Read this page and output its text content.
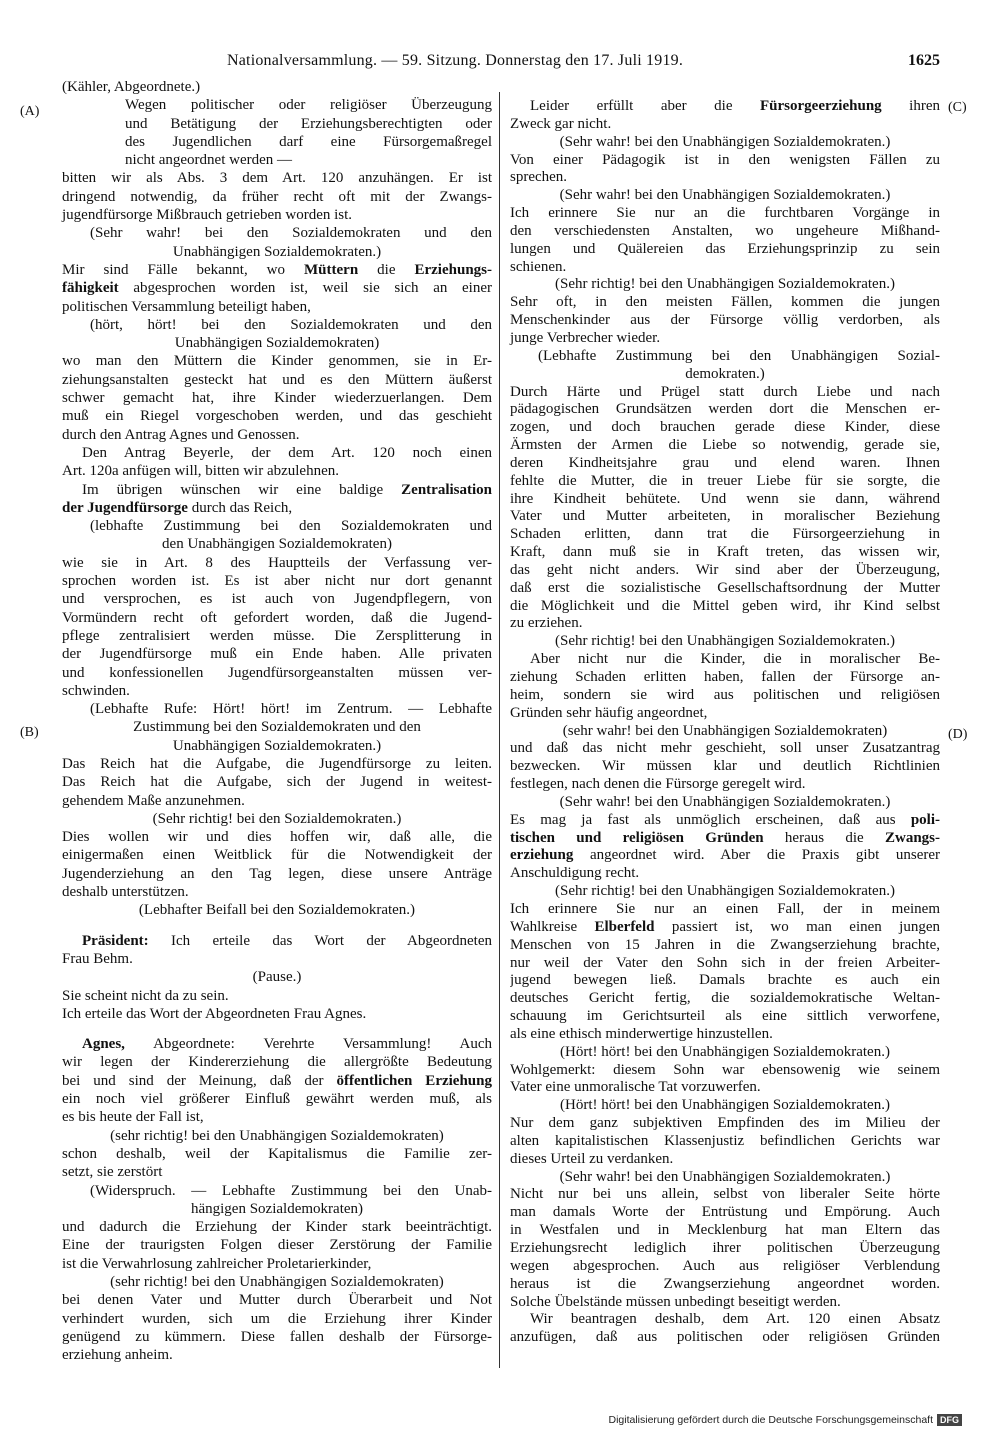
Nationalversammlung. — 59. Sitzung. Donnerstag den 17. Juli 1919.	1625
(A)
(B)
(C)
(D)
(Kähler, Abgeordnete.)
Wegen politischer oder religiöser Überzeugung
und Betätigung der Erziehungsberechtigten oder
des Jugendlichen darf eine Fürsorgemaßregel
nicht angeordnet werden —
bitten wir als Abs. 3 dem Art. 120 anzuhängen. Er ist
dringend notwendig, da früher recht oft mit der Zwangs-
jugendfürsorge Mißbrauch getrieben worden ist.
(Sehr wahr! bei den Sozialdemokraten und den
Unabhängigen Sozialdemokraten.)
Mir sind Fälle bekannt, wo Müttern die Erziehungs-
fähigkeit abgesprochen worden ist, weil sie sich an einer
politischen Versammlung beteiligt haben,
(hört, hört! bei den Sozialdemokraten und den
Unabhängigen Sozialdemokraten)
wo man den Müttern die Kinder genommen, sie in Er-
ziehungsanstalten gesteckt hat und es den Müttern äußerst
schwer gemacht hat, ihre Kinder wiederzuerlangen. Dem
muß ein Riegel vorgeschoben werden, und das geschieht
durch den Antrag Agnes und Genossen.
Den Antrag Beyerle, der dem Art. 120 noch einen
Art. 120a anfügen will, bitten wir abzulehnen.
Im übrigen wünschen wir eine baldige Zentralisation
der Jugendfürsorge durch das Reich,
(lebhafte Zustimmung bei den Sozialdemokraten und
den Unabhängigen Sozialdemokraten)
wie sie in Art. 8 des Hauptteils der Verfassung ver-
sprochen worden ist. Es ist aber nicht nur dort genannt
und versprochen, es ist auch von Jugendpflegern, von
Vormündern recht oft gefordert worden, daß die Jugend-
pflege zentralisiert werden müsse. Die Zersplitterung in
der Jugendfürsorge muß ein Ende haben. Alle privaten
und konfessionellen Jugendfürsorgeanstalten müssen ver-
schwinden.
(Lebhafte Rufe: Hört! hört! im Zentrum. — Lebhafte
Zustimmung bei den Sozialdemokraten und den
Unabhängigen Sozialdemokraten.)
Das Reich hat die Aufgabe, die Jugendfürsorge zu leiten.
Das Reich hat die Aufgabe, sich der Jugend in weitest-
gehendem Maße anzunehmen.
(Sehr richtig! bei den Sozialdemokraten.)
Dies wollen wir und dies hoffen wir, daß alle, die
einigermaßen einen Weitblick für die Notwendigkeit der
Jugenderziehung an den Tag legen, diese unsere Anträge
deshalb unterstützen.
(Lebhafter Beifall bei den Sozialdemokraten.)
Präsident: Ich erteile das Wort der Abgeordneten
Frau Behm.
(Pause.)
Sie scheint nicht da zu sein.
Ich erteile das Wort der Abgeordneten Frau Agnes.
Agnes, Abgeordnete: Verehrte Versammlung! Auch
wir legen der Kindererziehung die allergrößte Bedeutung
bei und sind der Meinung, daß der öffentlichen Erziehung
ein noch viel größerer Einfluß gewährt werden muß, als
es bis heute der Fall ist,
(sehr richtig! bei den Unabhängigen Sozialdemokraten)
schon deshalb, weil der Kapitalismus die Familie zer-
setzt, sie zerstört
(Widerspruch. — Lebhafte Zustimmung bei den Unab-
hängigen Sozialdemokraten)
und dadurch die Erziehung der Kinder stark beeinträchtigt.
Eine der traurigsten Folgen dieser Zerstörung der Familie
ist die Verwahrlosung zahlreicher Proletarierkinder,
(sehr richtig! bei den Unabhängigen Sozialdemokraten)
bei denen Vater und Mutter durch Überarbeit und Not
verhindert wurden, sich um die Erziehung ihrer Kinder
genügend zu kümmern. Diese fallen deshalb der Fürsorge-
erziehung anheim.
Leider erfüllt aber die Fürsorgeerziehung ihren
Zweck gar nicht.
(Sehr wahr! bei den Unabhängigen Sozialdemokraten.)
Von einer Pädagogik ist in den wenigsten Fällen zu
sprechen.
(Sehr wahr! bei den Unabhängigen Sozialdemokraten.)
Ich erinnere Sie nur an die furchtbaren Vorgänge in
den verschiedensten Anstalten, wo ungeheure Mißhand-
lungen und Quälereien das Erziehungsprinzip zu sein
schienen.
(Sehr richtig! bei den Unabhängigen Sozialdemokraten.)
Sehr oft, in den meisten Fällen, kommen die jungen
Menschenkinder aus der Fürsorge völlig verdorben, als
junge Verbrecher wieder.
(Lebhafte Zustimmung bei den Unabhängigen Sozial-
demokraten.)
Durch Härte und Prügel statt durch Liebe und nach
pädagogischen Grundsätzen werden dort die Menschen er-
zogen, und doch brauchen gerade diese Kinder, diese
Ärmsten der Armen die Liebe so notwendig, gerade sie,
deren Kindheitsjahre grau und elend waren. Ihnen
fehlte die Mutter, die in treuer Liebe für sie sorgte, die
ihre Kindheit behütete. Und wenn sie dann, während
Vater und Mutter arbeiteten, in moralischer Beziehung
Schaden erlitten, dann trat die Fürsorgeerziehung in
Kraft, dann muß sie in Kraft treten, das wissen wir,
das geht nicht anders. Wir sind aber der Überzeugung,
daß erst die sozialistische Gesellschaftsordnung der Mutter
die Möglichkeit und die Mittel geben wird, ihr Kind selbst
zu erziehen.
(Sehr richtig! bei den Unabhängigen Sozialdemokraten.)
Aber nicht nur die Kinder, die in moralischer Be-
ziehung Schaden erlitten haben, fallen der Fürsorge an-
heim, sondern sie wird aus politischen und religiösen
Gründen sehr häufig angeordnet,
(sehr wahr! bei den Unabhängigen Sozialdemokraten)
und daß das nicht mehr geschieht, soll unser Zusatzantrag
bezwecken. Wir müssen klar und deutlich Richtlinien
festlegen, nach denen die Fürsorge geregelt wird.
(Sehr wahr! bei den Unabhängigen Sozialdemokraten.)
Es mag ja fast als unmöglich erscheinen, daß aus poli-
tischen und religiösen Gründen heraus die Zwangs-
erziehung angeordnet wird. Aber die Praxis gibt unserer
Anschuldigung recht.
(Sehr richtig! bei den Unabhängigen Sozialdemokraten.)
Ich erinnere Sie nur an einen Fall, der in meinem
Wahlkreise Elberfeld passiert ist, wo man einen jungen
Menschen von 15 Jahren in die Zwangserziehung brachte,
nur weil der Vater den Sohn sich in der freien Arbeiter-
jugend bewegen ließ. Damals brachte es auch ein
deutsches Gericht fertig, die sozialdemokratische Weltan-
schauung im Gerichtsurteil als eine sittlich verworfene,
als eine ethisch minderwertige hinzustellen.
(Hört! hört! bei den Unabhängigen Sozialdemokraten.)
Wohlgemerkt: diesem Sohn war ebensowenig wie seinem
Vater eine unmoralische Tat vorzuwerfen.
(Hört! hört! bei den Unabhängigen Sozialdemokraten.)
Nur dem ganz subjektiven Empfinden des im Milieu der
alten kapitalistischen Klassenjustiz befindlichen Gerichts war
dieses Urteil zu verdanken.
(Sehr wahr! bei den Unabhängigen Sozialdemokraten.)
Nicht nur bei uns allein, selbst von liberaler Seite hörte
man damals Worte der Entrüstung und Empörung. Auch
in Westfalen und in Mecklenburg hat man Eltern das
Erziehungsrecht lediglich ihrer politischen Überzeugung
wegen abgesprochen. Auch aus religiöser Verblendung
heraus ist die Zwangserziehung angeordnet worden.
Solche Übelstände müssen unbedingt beseitigt werden.
Wir beantragen deshalb, dem Art. 120 einen Absatz
anzufügen, daß aus politischen oder religiösen Gründen
Digitalisierung gefördert durch die Deutsche Forschungsgemeinschaft DFG
